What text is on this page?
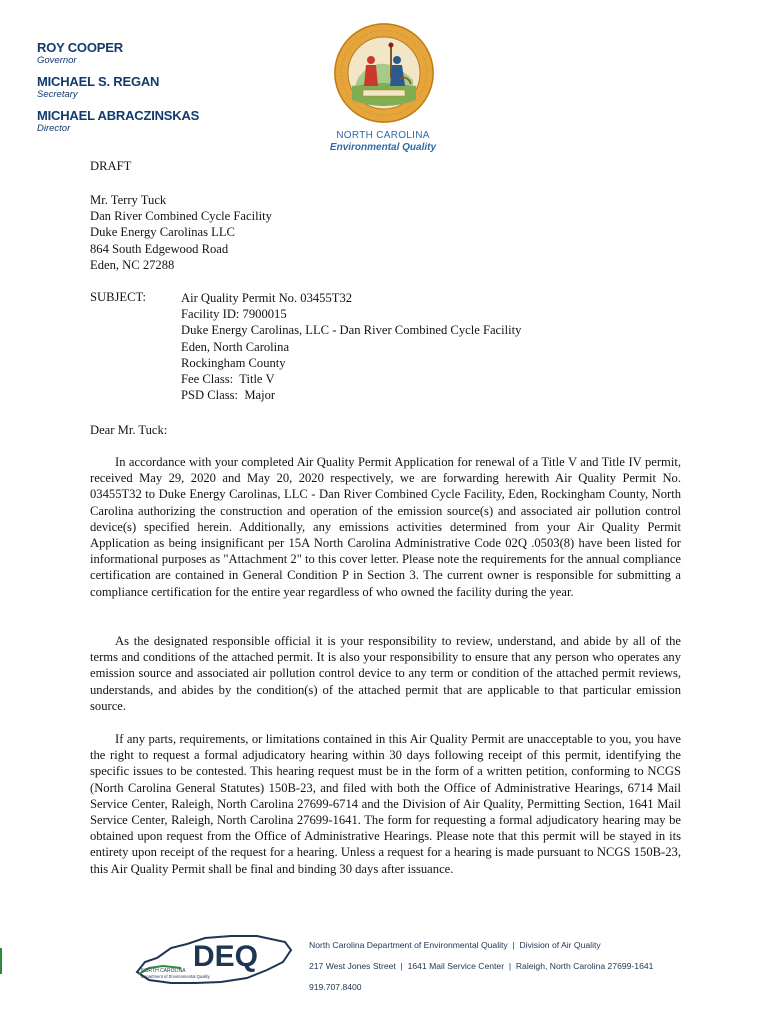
ROY COOPER
Governor
MICHAEL S. REGAN
Secretary
MICHAEL ABRACZINSKAS
Director
NORTH CAROLINA
Environmental Quality
DRAFT
Mr. Terry Tuck
Dan River Combined Cycle Facility
Duke Energy Carolinas LLC
864 South Edgewood Road
Eden, NC 27288
SUBJECT:	Air Quality Permit No. 03455T32
Facility ID: 7900015
Duke Energy Carolinas, LLC - Dan River Combined Cycle Facility
Eden, North Carolina
Rockingham County
Fee Class:  Title V
PSD Class:  Major
Dear Mr. Tuck:

In accordance with your completed Air Quality Permit Application for renewal of a Title V and Title IV permit, received May 29, 2020 and May 20, 2020 respectively, we are forwarding herewith Air Quality Permit No. 03455T32 to Duke Energy Carolinas, LLC - Dan River Combined Cycle Facility, Eden, Rockingham County, North Carolina authorizing the construction and operation of the emission source(s) and associated air pollution control device(s) specified herein. Additionally, any emissions activities determined from your Air Quality Permit Application as being insignificant per 15A North Carolina Administrative Code 02Q .0503(8) have been listed for informational purposes as "Attachment 2" to this cover letter. Please note the requirements for the annual compliance certification are contained in General Condition P in Section 3. The current owner is responsible for submitting a compliance certification for the entire year regardless of who owned the facility during the year.

As the designated responsible official it is your responsibility to review, understand, and abide by all of the terms and conditions of the attached permit. It is also your responsibility to ensure that any person who operates any emission source and associated air pollution control device to any term or condition of the attached permit reviews, understands, and abides by the condition(s) of the attached permit that are applicable to that particular emission source.

If any parts, requirements, or limitations contained in this Air Quality Permit are unacceptable to you, you have the right to request a formal adjudicatory hearing within 30 days following receipt of this permit, identifying the specific issues to be contested. This hearing request must be in the form of a written petition, conforming to NCGS (North Carolina General Statutes) 150B-23, and filed with both the Office of Administrative Hearings, 6714 Mail Service Center, Raleigh, North Carolina 27699-6714 and the Division of Air Quality, Permitting Section, 1641 Mail Service Center, Raleigh, North Carolina 27699-1641. The form for requesting a formal adjudicatory hearing may be obtained upon request from the Office of Administrative Hearings. Please note that this permit will be stayed in its entirety upon receipt of the request for a hearing. Unless a request for a hearing is made pursuant to NCGS 150B-23, this Air Quality Permit shall be final and binding 30 days after issuance.

DEQ
NORTH CAROLINA
Department of Environmental Quality
North Carolina Department of Environmental Quality  |  Division of Air Quality
217 West Jones Street  |  1641 Mail Service Center  |  Raleigh, North Carolina 27699-1641
919.707.8400
